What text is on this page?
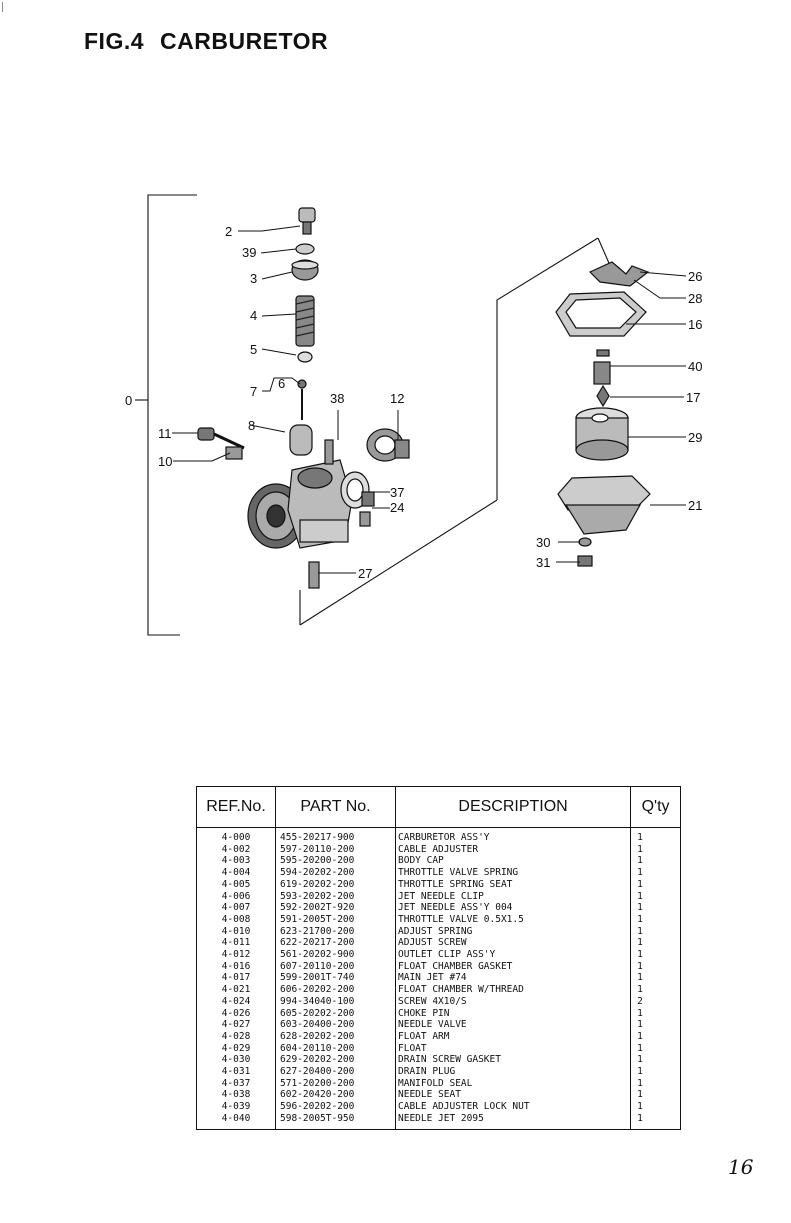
FIG.4 CARBURETOR
2
39
3
4
5
7
6
38	12
8
11
10
37
24
27
0
26
28
16
40
17
29
21
30
31
REF.No.	PART No.	DESCRIPTION	Q'ty
4-000	455-20217-900	CARBURETOR ASS'Y	1
4-002	597-20110-200	CABLE ADJUSTER	1
4-003	595-20200-200	BODY CAP	1
4-004	594-20202-200	THROTTLE VALVE SPRING	1
4-005	619-20202-200	THROTTLE SPRING SEAT	1
4-006	593-20202-200	JET NEEDLE CLIP	1
4-007	592-2002T-920	JET NEEDLE ASS'Y 004	1
4-008	591-2005T-200	THROTTLE VALVE 0.5X1.5	1
4-010	623-21700-200	ADJUST SPRING	1
4-011	622-20217-200	ADJUST SCREW	1
4-012	561-20202-900	OUTLET CLIP ASS'Y	1
4-016	607-20110-200	FLOAT CHAMBER GASKET	1
4-017	599-2001T-740	MAIN JET #74	1
4-021	606-20202-200	FLOAT CHAMBER W/THREAD	1
4-024	994-34040-100	SCREW 4X10/S	2
4-026	605-20202-200	CHOKE PIN	1
4-027	603-20400-200	NEEDLE VALVE	1
4-028	628-20202-200	FLOAT ARM	1
4-029	604-20110-200	FLOAT	1
4-030	629-20202-200	DRAIN SCREW GASKET	1
4-031	627-20400-200	DRAIN PLUG	1
4-037	571-20200-200	MANIFOLD SEAL	1
4-038	602-20420-200	NEEDLE SEAT	1
4-039	596-20202-200	CABLE ADJUSTER LOCK NUT	1
4-040	598-2005T-950	NEEDLE JET 2095	1
16
